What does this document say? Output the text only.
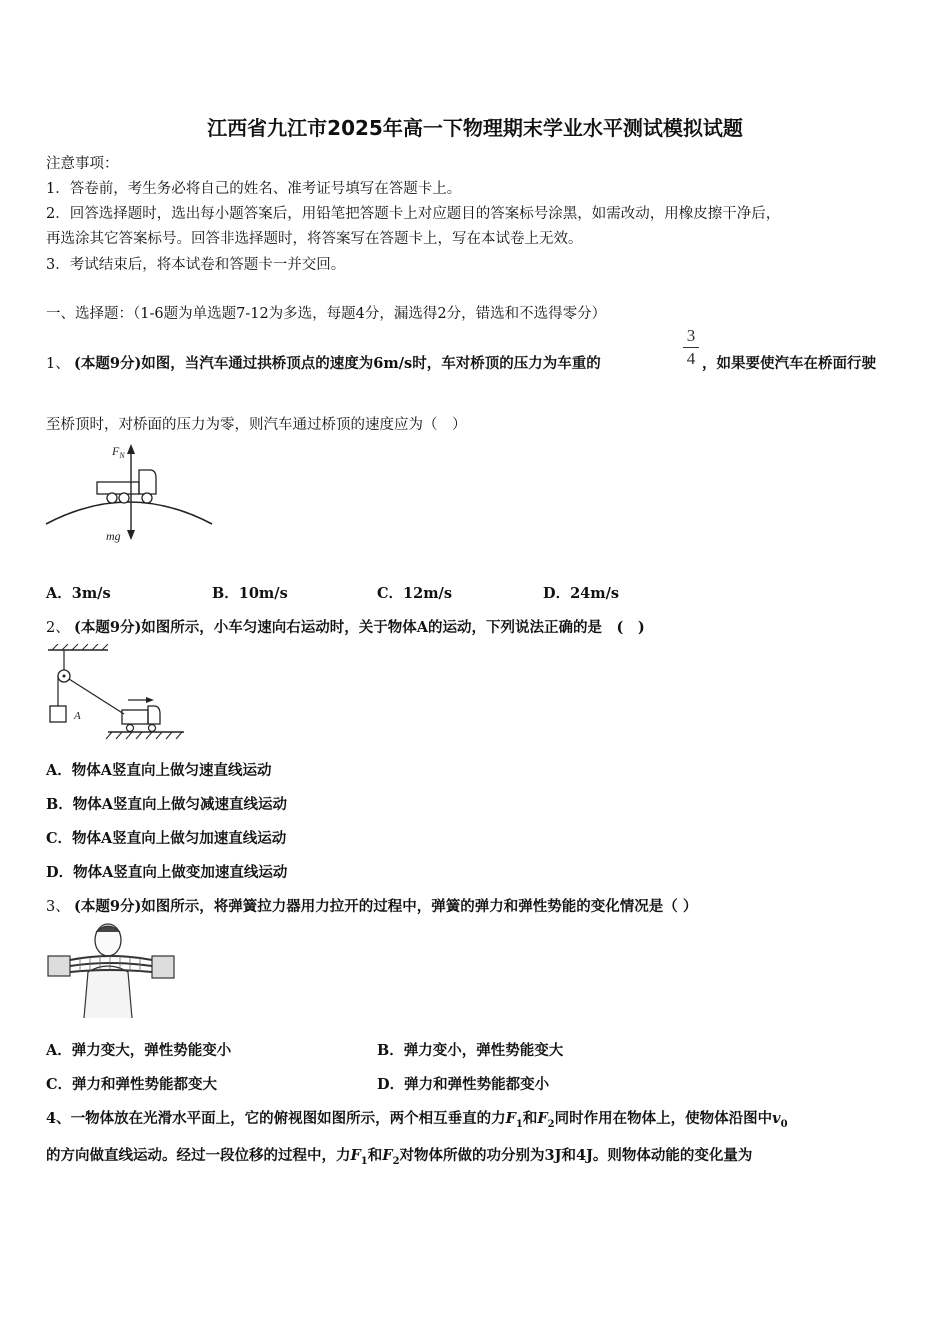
江西省九江市2025年高一下物理期末学业水平测试模拟试题
注意事项：
1．答卷前，考生务必将自己的姓名、准考证号填写在答题卡上。
2．回答选择题时，选出每小题答案后，用铅笔把答题卡上对应题目的答案标号涂黑，如需改动，用橡皮擦干净后，
再选涂其它答案标号。回答非选择题时，将答案写在答题卡上，写在本试卷上无效。
3．考试结束后，将本试卷和答题卡一并交回。
一、选择题：（1-6题为单选题7-12为多选，每题4分，漏选得2分，错选和不选得零分）
1、 (本题9分)如图，当汽车通过拱桥顶点的速度为6m/s时，车对桥顶的压力为车重的
3
4 ，如果要使汽车在桥面行驶
至桥顶时，对桥面的压力为零，则汽车通过桥顶的速度应为（　）
$F_N$
mg
A．3m/s	B．10m/s	C．12m/s	D．24m/s
2、 (本题9分)如图所示，小车匀速向右运动时，关于物体A的运动，下列说法正确的是　(　)
A
A．物体A竖直向上做匀速直线运动
B．物体A竖直向上做匀减速直线运动
C．物体A竖直向上做匀加速直线运动
D．物体A竖直向上做变加速直线运动
3、 (本题9分)如图所示，将弹簧拉力器用力拉开的过程中，弹簧的弹力和弹性势能的变化情况是（ ）
A．弹力变大，弹性势能变小	B．弹力变小，弹性势能变大
C．弹力和弹性势能都变大	D．弹力和弹性势能都变小
4、一物体放在光滑水平面上，它的俯视图如图所示，两个相互垂直的力$F_1$和$F_2$同时作用在物体上，使物体沿图中$v_0$
的方向做直线运动。经过一段位移的过程中，力$F_1$和$F_2$对物体所做的功分别为3J和4J。则物体动能的变化量为
